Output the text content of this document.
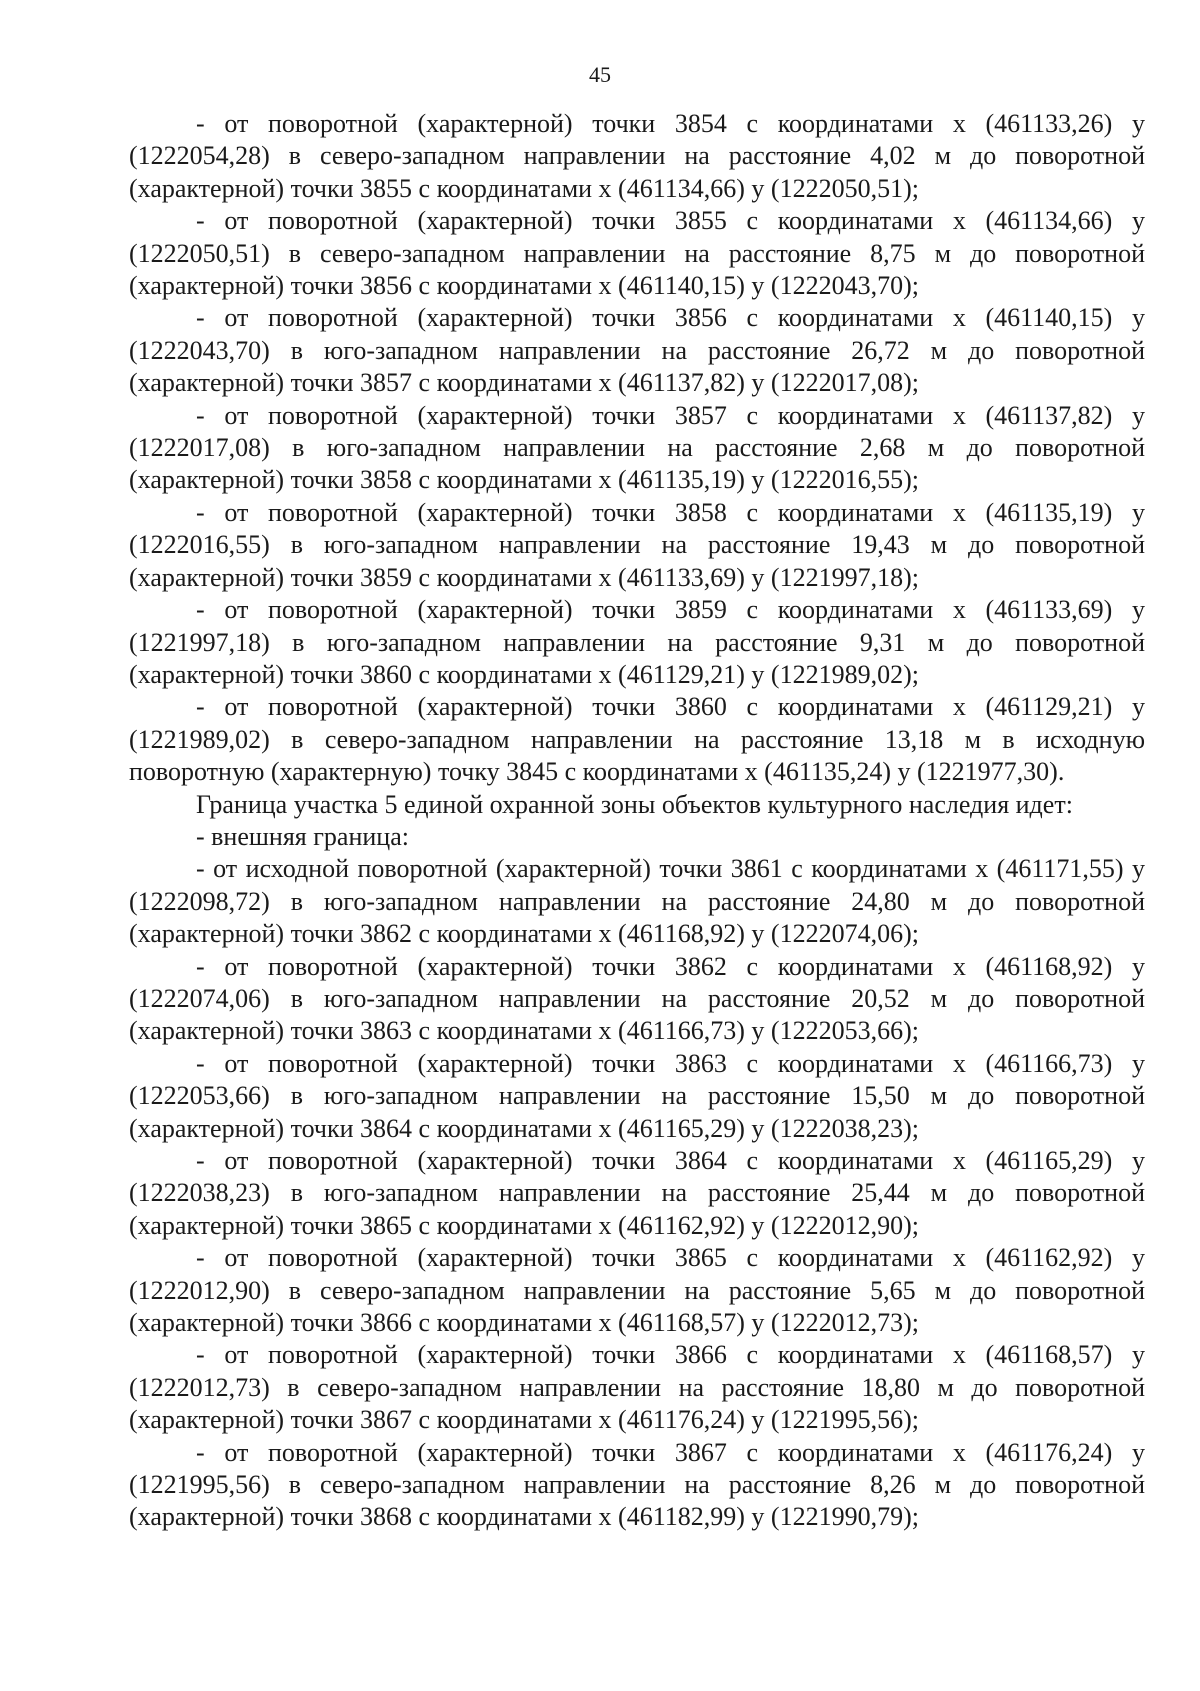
45

- от поворотной (характерной) точки 3854 с координатами x (461133,26) у (1222054,28) в северо-западном направлении на расстояние 4,02 м до поворотной (характерной) точки 3855 с координатами x (461134,66) у (1222050,51);

- от поворотной (характерной) точки 3855 с координатами x (461134,66) у (1222050,51) в северо-западном направлении на расстояние 8,75 м до поворотной (характерной) точки 3856 с координатами x (461140,15) у (1222043,70);

- от поворотной (характерной) точки 3856 с координатами x (461140,15) у (1222043,70) в юго-западном направлении на расстояние 26,72 м до поворотной (характерной) точки 3857 с координатами x (461137,82) у (1222017,08);

- от поворотной (характерной) точки 3857 с координатами x (461137,82) у (1222017,08) в юго-западном направлении на расстояние 2,68 м до поворотной (характерной) точки 3858 с координатами x (461135,19) у (1222016,55);

- от поворотной (характерной) точки 3858 с координатами x (461135,19) у (1222016,55) в юго-западном направлении на расстояние 19,43 м до поворотной (характерной) точки 3859 с координатами x (461133,69) у (1221997,18);

- от поворотной (характерной) точки 3859 с координатами x (461133,69) у (1221997,18) в юго-западном направлении на расстояние 9,31 м до поворотной (характерной) точки 3860 с координатами x (461129,21) у (1221989,02);

- от поворотной (характерной) точки 3860 с координатами x (461129,21) у (1221989,02) в северо-западном направлении на расстояние 13,18 м в исходную поворотную (характерную) точку 3845 с координатами x (461135,24) у (1221977,30).

Граница участка 5 единой охранной зоны объектов культурного наследия идет:

- внешняя граница:

- от исходной поворотной (характерной) точки 3861 с координатами x (461171,55) у (1222098,72) в юго-западном направлении на расстояние 24,80 м до поворотной (характерной) точки 3862 с координатами x (461168,92) у (1222074,06);

- от поворотной (характерной) точки 3862 с координатами x (461168,92) у (1222074,06) в юго-западном направлении на расстояние 20,52 м до поворотной (характерной) точки 3863 с координатами x (461166,73) у (1222053,66);

- от поворотной (характерной) точки 3863 с координатами x (461166,73) у (1222053,66) в юго-западном направлении на расстояние 15,50 м до поворотной (характерной) точки 3864 с координатами x (461165,29) у (1222038,23);

- от поворотной (характерной) точки 3864 с координатами x (461165,29) у (1222038,23) в юго-западном направлении на расстояние 25,44 м до поворотной (характерной) точки 3865 с координатами x (461162,92) у (1222012,90);

- от поворотной (характерной) точки 3865 с координатами x (461162,92) у (1222012,90) в северо-западном направлении на расстояние 5,65 м до поворотной (характерной) точки 3866 с координатами x (461168,57) у (1222012,73);

- от поворотной (характерной) точки 3866 с координатами x (461168,57) у (1222012,73) в северо-западном направлении на расстояние 18,80 м до поворотной (характерной) точки 3867 с координатами x (461176,24) у (1221995,56);

- от поворотной (характерной) точки 3867 с координатами x (461176,24) у (1221995,56) в северо-западном направлении на расстояние 8,26 м до поворотной (характерной) точки 3868 с координатами x (461182,99) у (1221990,79);
